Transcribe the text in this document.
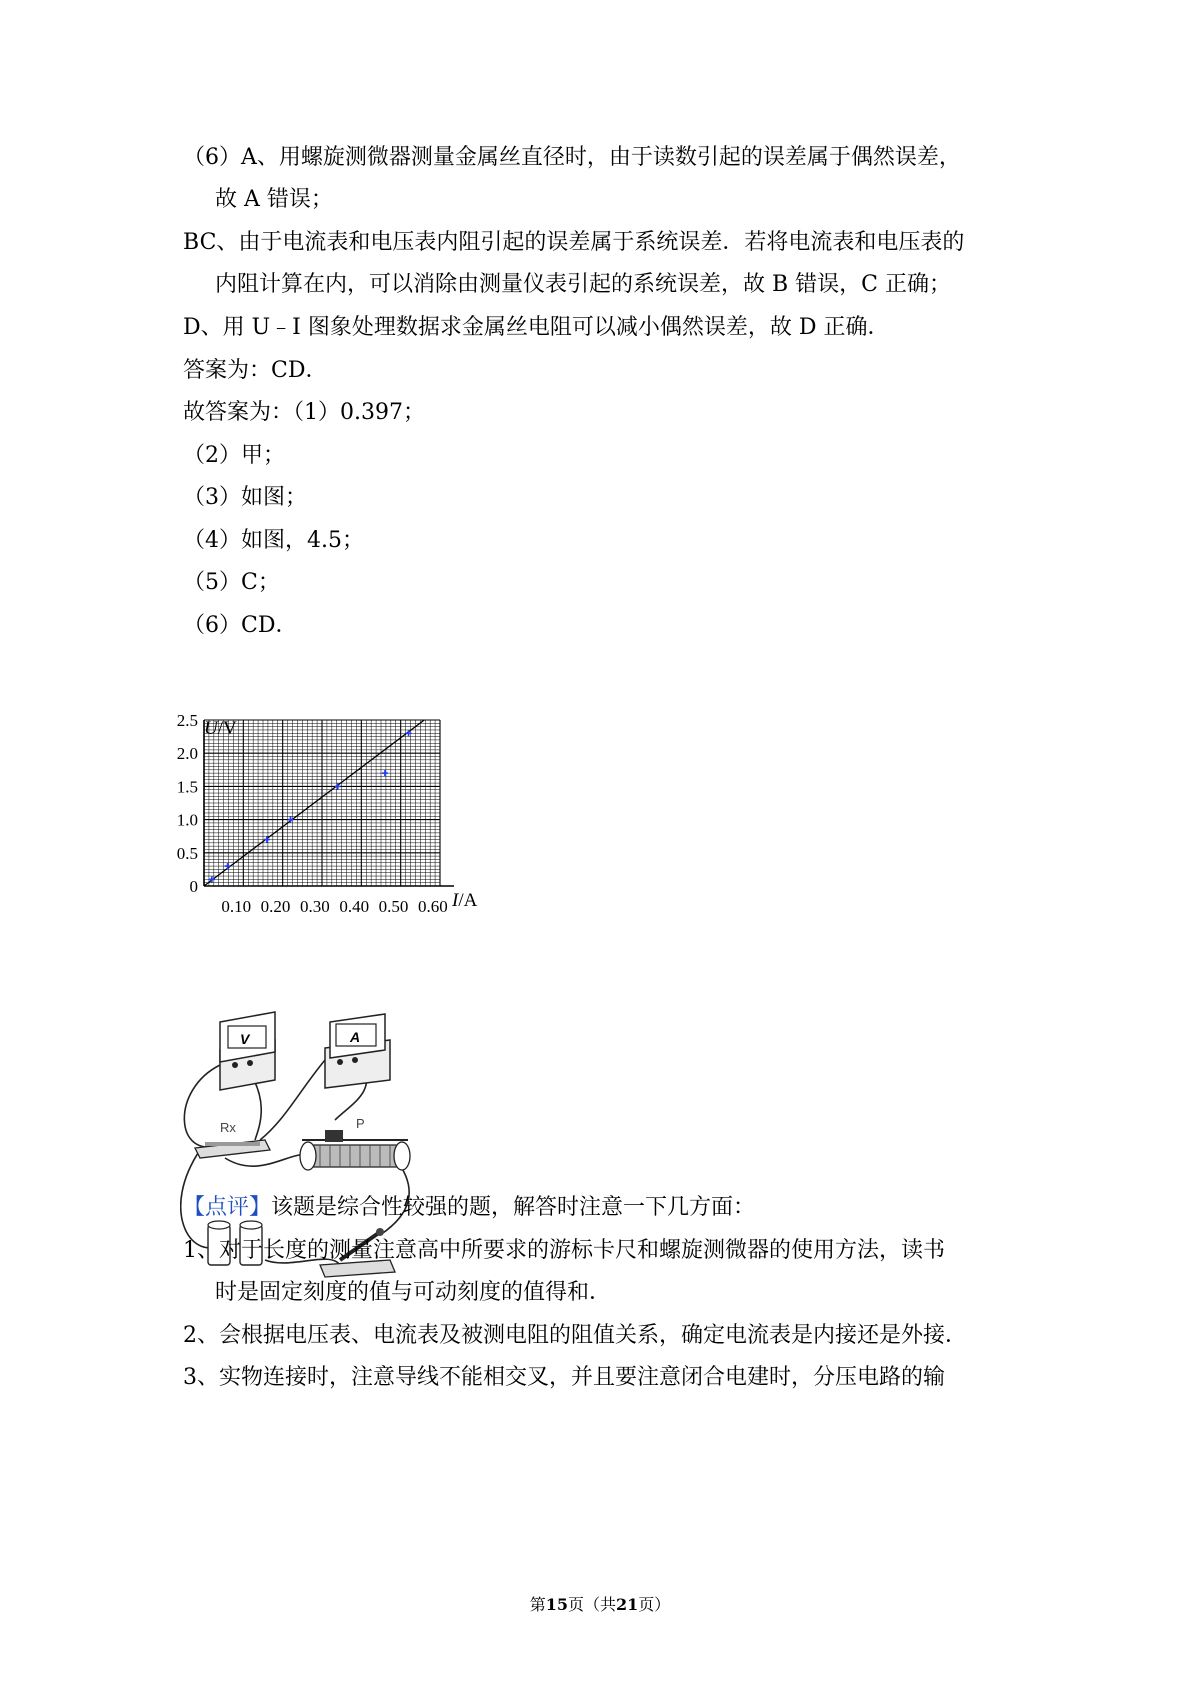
（6）A、用螺旋测微器测量金属丝直径时，由于读数引起的误差属于偶然误差，
故 A 错误；
BC、由于电流表和电压表内阻引起的误差属于系统误差．若将电流表和电压表的
内阻计算在内，可以消除由测量仪表引起的系统误差，故 B 错误，C 正确；
D、用 U﹣I 图象处理数据求金属丝电阻可以减小偶然误差，故 D 正确．
答案为：CD．
故答案为：（1）0.397；
（2）甲；
（3）如图；
（4）如图，4.5；
（5）C；
（6）CD．
0.10 0.20 0.30 0.40 0.50 0.60
0
0.5
1.0
1.5
2.0
2.5 U/V
I/A
V	A
Rx	P
【点评】该题是综合性较强的题，解答时注意一下几方面：
1、对于长度的测量注意高中所要求的游标卡尺和螺旋测微器的使用方法，读书
时是固定刻度的值与可动刻度的值得和．
2、会根据电压表、电流表及被测电阻的阻值关系，确定电流表是内接还是外接．
3、实物连接时，注意导线不能相交叉，并且要注意闭合电建时，分压电路的输
第15页（共21页）
